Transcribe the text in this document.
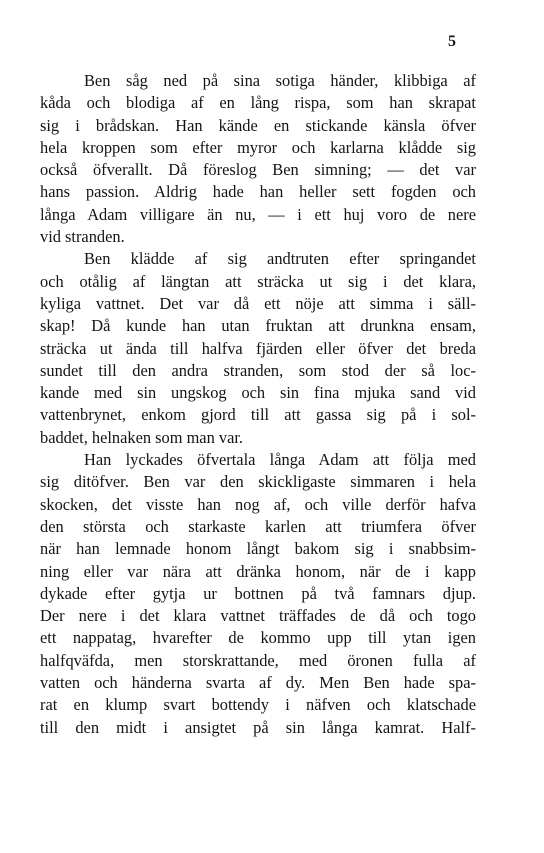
5
Ben såg ned på sina sotiga händer, klibbiga af
kåda och blodiga af en lång rispa, som han skrapat
sig i brådskan. Han kände en stickande känsla öfver
hela kroppen som efter myror och karlarna klådde sig
också öfverallt. Då föreslog Ben simning; — det var
hans passion. Aldrig hade han heller sett fogden och
långa Adam villigare än nu, — i ett huj voro de nere
vid stranden.
Ben klädde af sig andtruten efter springandet
och otålig af längtan att sträcka ut sig i det klara,
kyliga vattnet. Det var då ett nöje att simma i säll-
skap! Då kunde han utan fruktan att drunkna ensam,
sträcka ut ända till halfva fjärden eller öfver det breda
sundet till den andra stranden, som stod der så loc-
kande med sin ungskog och sin fina mjuka sand vid
vattenbrynet, enkom gjord till att gassa sig på i sol-
baddet, helnaken som man var.
Han lyckades öfvertala långa Adam att följa med
sig ditöfver. Ben var den skickligaste simmaren i hela
skocken, det visste han nog af, och ville derför hafva
den största och starkaste karlen att triumfera öfver
när han lemnade honom långt bakom sig i snabbsim-
ning eller var nära att dränka honom, när de i kapp
dykade efter gytja ur bottnen på två famnars djup.
Der nere i det klara vattnet träffades de då och togo
ett nappatag, hvarefter de kommo upp till ytan igen
halfqväfda, men storskrattande, med öronen fulla af
vatten och händerna svarta af dy. Men Ben hade spa-
rat en klump svart bottendy i näfven och klatschade
till den midt i ansigtet på sin långa kamrat. Half-
